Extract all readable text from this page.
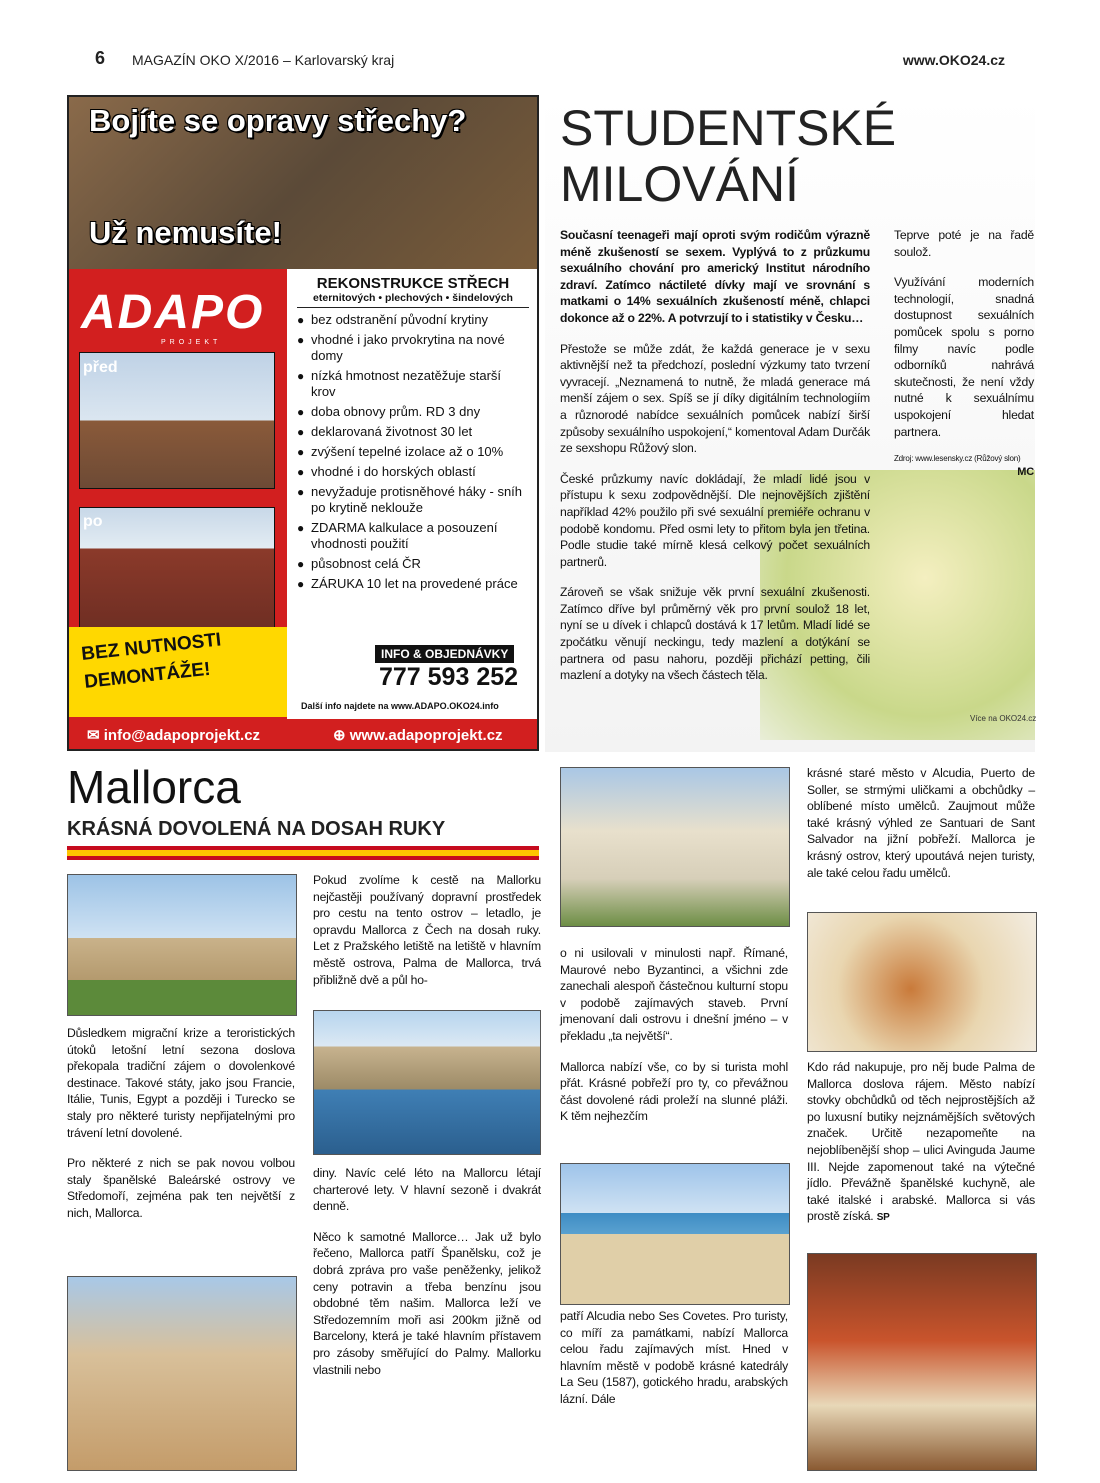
6 MAGAZÍN OKO X/2016 – Karlovarský kraj	www.OKO24.cz
Bojíte se opravy střechy?
Už nemusíte!
ADAPO
PROJEKT
před
po
REKONSTRUKCE STŘECH
eternitových • plechových • šindelových
● bez odstranění původní krytiny
● vhodné i jako prvokrytina na nové domy
● nízká hmotnost nezatěžuje starší krov
● doba obnovy prům. RD 3 dny
● deklarovaná životnost 30 let
● zvýšení tepelné izolace až o 10%
● vhodné i do horských oblastí
● nevyžaduje protisněhové háky - sníh po krytině neklouže
● ZDARMA kalkulace a posouzení vhodnosti použití
● působnost celá ČR
● ZÁRUKA 10 let na provedené práce
INFO & OBJEDNÁVKY
777 593 252
Další info najdete na www.ADAPO.OKO24.info
BEZ NUTNOSTI DEMONTÁŽE!
✉ info@adapoprojekt.cz	⊕ www.adapoprojekt.cz
STUDENTSKÉ
MILOVÁNÍ

Současní teenageři mají oproti svým rodičům výrazně méně zkušeností se sexem. Vyplývá to z průzkumu sexuálního chování pro americký Institut národního zdraví. Zatímco náctileté dívky mají ve srovnání s matkami o 14% sexuálních zkušeností méně, chlapci dokonce až o 22%. A potvrzují to i statistiky v Česku…

Přestože se může zdát, že každá generace je v sexu aktivnější než ta předchozí, poslední výzkumy tato tvrzení vyvracejí. „Neznamená to nutně, že mladá generace má menší zájem o sex. Spíš se jí díky digitálním technologiím a různorodé nabídce sexuálních pomůcek nabízí širší způsoby sexuálního uspokojení,“ komentoval Adam Durčák ze sexshopu Růžový slon.

České průzkumy navíc dokládají, že mladí lidé jsou v přístupu k sexu zodpovědnější. Dle nejnovějších zjištění například 42% použilo při své sexuální premiéře ochranu v podobě kondomu. Před osmi lety to přitom byla jen třetina. Podle studie také mírně klesá celkový počet sexuálních partnerů.

Zároveň se však snižuje věk první sexuální zkušenosti. Zatímco dříve byl průměrný věk pro první soulož 18 let, nyní se u dívek i chlapců dostává k 17 letům. Mladí lidé se zpočátku věnují neckingu, tedy mazlení a dotýkání se partnera od pasu nahoru, později přichází petting, čili mazlení a dotyky na všech částech těla.

Teprve poté je na řadě soulož.

Využívání moderních technologií, snadná dostupnost sexuálních pomůcek spolu s porno filmy navíc podle odborníků nahrává skutečnosti, že není vždy nutné k sexuálnímu uspokojení hledat partnera.

Zdroj: www.lesensky.cz (Růžový slon)
MC
Více na OKO24.cz
Mallorca
KRÁSNÁ DOVOLENÁ NA DOSAH RUKY

Důsledkem migrační krize a teroristických útoků letošní letní sezona doslova překopala tradiční zájem o dovolenkové destinace. Takové státy, jako jsou Francie, Itálie, Tunis, Egypt a později i Turecko se staly pro některé turisty nepřijatelnými pro trávení letní dovolené.

Pro některé z nich se pak novou volbou staly španělské Baleárské ostrovy ve Středomoří, zejména pak ten největší z nich, Mallorca.

Pokud zvolíme k cestě na Mallorku nejčastěji používaný dopravní prostředek pro cestu na tento ostrov – letadlo, je opravdu Mallorca z Čech na dosah ruky. Let z Pražského letiště na letiště v hlavním městě ostrova, Palma de Mallorca, trvá přibližně dvě a půl ho-

diny. Navíc celé léto na Mallorcu létají charterové lety. V hlavní sezoně i dvakrát denně.

Něco k samotné Mallorce… Jak už bylo řečeno, Mallorca patří Španělsku, což je dobrá zpráva pro vaše peněženky, jelikož ceny potravin a třeba benzínu jsou obdobné těm našim. Mallorca leží ve Středozemním moři asi 200km jižně od Barcelony, která je také hlavním přístavem pro zásoby směřující do Palmy. Mallorku vlastnili nebo

o ni usilovali v minulosti např. Římané, Maurové nebo Byzantinci, a všichni zde zanechali alespoň částečnou kulturní stopu v podobě zajímavých staveb. První jmenovaní dali ostrovu i dnešní jméno – v překladu „ta největší“.

Mallorca nabízí vše, co by si turista mohl přát. Krásné pobřeží pro ty, co převážnou část dovolené rádi proleží na slunné pláži. K těm nejhezčím

patří Alcudia nebo Ses Covetes. Pro turisty, co míří za památkami, nabízí Mallorca celou řadu zajímavých míst. Hned v hlavním městě v podobě krásné katedrály La Seu (1587), gotického hradu, arabských lázní. Dále
krásné staré město v Alcudia, Puerto de Soller, se strmými uličkami a obchůdky – oblíbené místo umělců. Zaujmout může také krásný výhled ze Santuari de Sant Salvador na jižní pobřeží. Mallorca je krásný ostrov, který upoutává nejen turisty, ale také celou řadu umělců.
Kdo rád nakupuje, pro něj bude Palma de Mallorca doslova rájem. Město nabízí stovky obchůdků od těch nejprostějších až po luxusní butiky nejznámějších světových značek. Určitě nezapomeňte na nejoblíbenější shop – ulici Avinguda Jaume III. Nejde zapomenout také na výtečné jídlo. Převážně španělské kuchyně, ale také italské i arabské. Mallorca si vás prostě získá. SP
